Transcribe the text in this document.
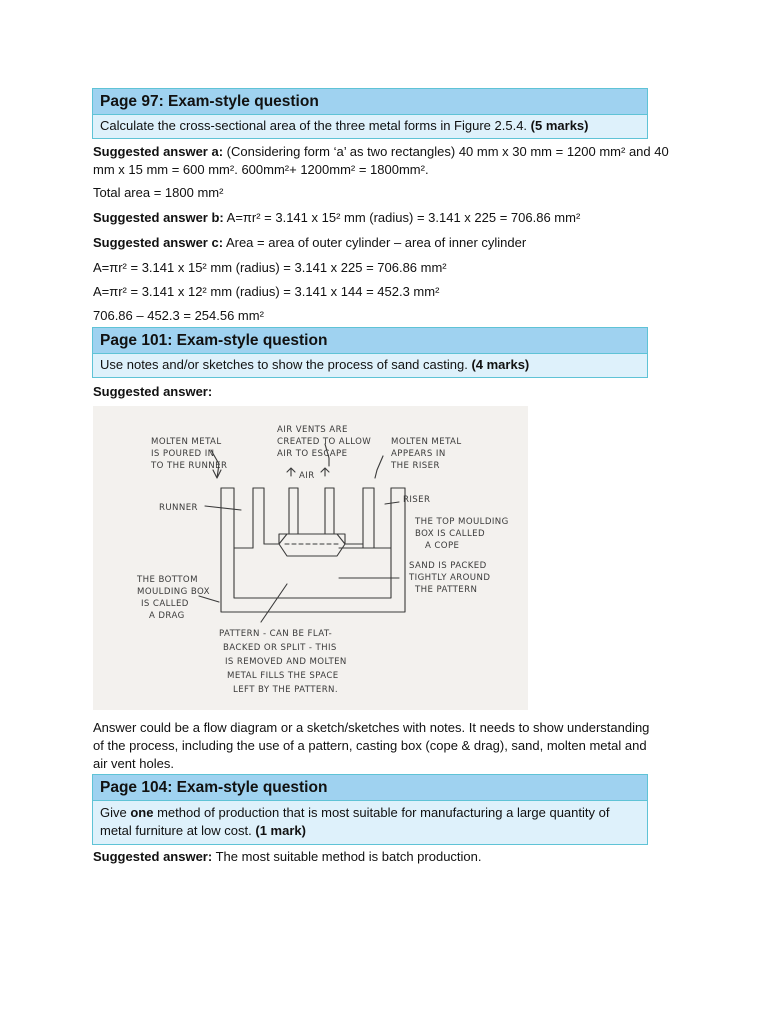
Page 97: Exam-style question
Calculate the cross-sectional area of the three metal forms in Figure 2.5.4. (5 marks)
Suggested answer a: (Considering form ‘a’ as two rectangles) 40 mm x 30 mm = 1200 mm² and 40 mm x 15 mm = 600 mm². 600mm²+ 1200mm² = 1800mm².
Total area = 1800 mm²
Suggested answer b: A=πr² = 3.141 x 15² mm (radius) = 3.141 x 225 = 706.86 mm²
Suggested answer c: Area = area of outer cylinder – area of inner cylinder
A=πr² = 3.141 x 15² mm (radius) = 3.141 x 225 = 706.86 mm²
A=πr² = 3.141 x 12² mm (radius) = 3.141 x 144 = 452.3 mm²
706.86 – 452.3 = 254.56 mm²
Page 101: Exam-style question
Use notes and/or sketches to show the process of sand casting. (4 marks)
Suggested answer:
MOLTEN METAL
IS POURED IN
TO THE RUNNER
AIR VENTS ARE
CREATED TO ALLOW
AIR TO ESCAPE
MOLTEN METAL
APPEARS IN
THE RISER
AIR
RUNNER
RISER
THE TOP MOULDING
BOX IS CALLED
A COPE
SAND IS PACKED
TIGHTLY AROUND
THE PATTERN
THE BOTTOM
MOULDING BOX
IS CALLED
A DRAG
PATTERN - CAN BE FLAT-
BACKED OR SPLIT - THIS
IS REMOVED AND MOLTEN
METAL FILLS THE SPACE
LEFT BY THE PATTERN.
Answer could be a flow diagram or a sketch/sketches with notes. It needs to show understanding of the process, including the use of a pattern, casting box (cope & drag), sand, molten metal and air vent holes.
Page 104: Exam-style question
Give one method of production that is most suitable for manufacturing a large quantity of metal furniture at low cost. (1 mark)
Suggested answer: The most suitable method is batch production.
